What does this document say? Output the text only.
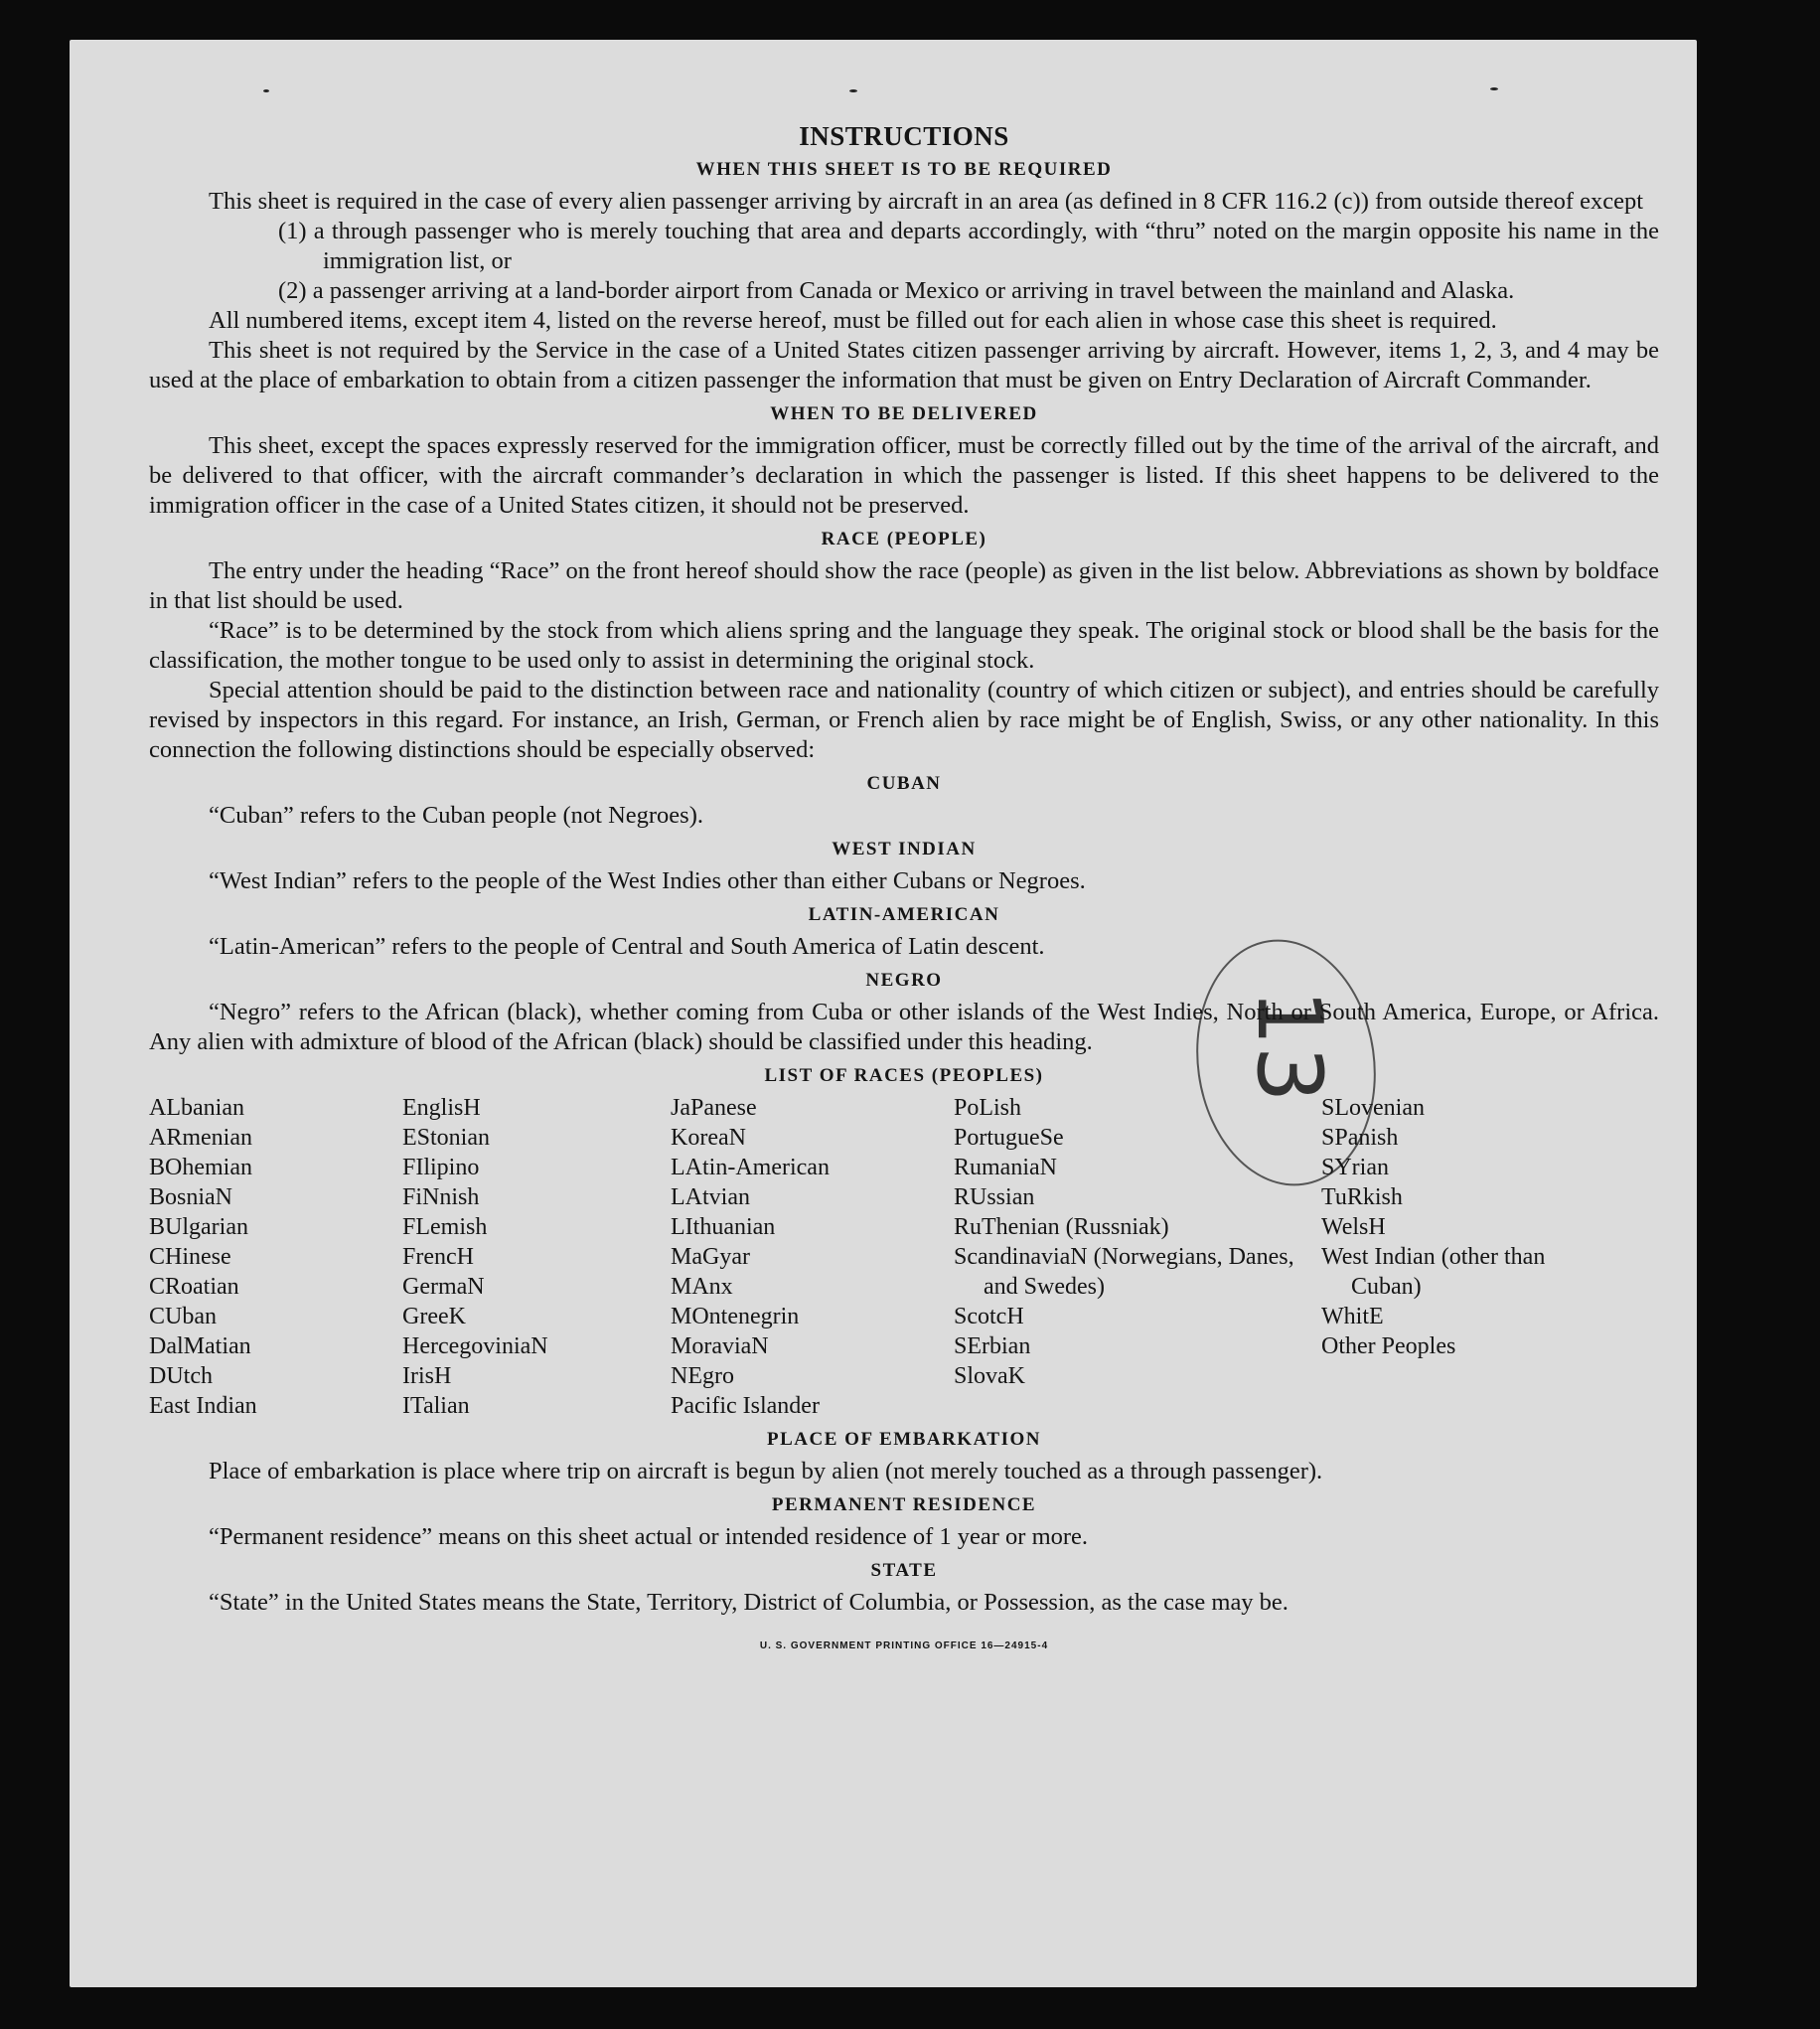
13
INSTRUCTIONS
WHEN THIS SHEET IS TO BE REQUIRED

This sheet is required in the case of every alien passenger arriving by aircraft in an area (as defined in 8 CFR 116.2 (c)) from outside thereof except

(1) a through passenger who is merely touching that area and departs accordingly, with “thru” noted on the margin opposite his name in the immigration list, or

(2) a passenger arriving at a land-border airport from Canada or Mexico or arriving in travel between the mainland and Alaska.

All numbered items, except item 4, listed on the reverse hereof, must be filled out for each alien in whose case this sheet is required.

This sheet is not required by the Service in the case of a United States citizen passenger arriving by aircraft. However, items 1, 2, 3, and 4 may be used at the place of embarkation to obtain from a citizen passenger the information that must be given on Entry Declaration of Aircraft Commander.

WHEN TO BE DELIVERED

This sheet, except the spaces expressly reserved for the immigration officer, must be correctly filled out by the time of the arrival of the aircraft, and be delivered to that officer, with the aircraft commander’s declaration in which the passenger is listed. If this sheet happens to be delivered to the immigration officer in the case of a United States citizen, it should not be preserved.

RACE (PEOPLE)

The entry under the heading “Race” on the front hereof should show the race (people) as given in the list below. Abbreviations as shown by boldface in that list should be used.

“Race” is to be determined by the stock from which aliens spring and the language they speak. The original stock or blood shall be the basis for the classification, the mother tongue to be used only to assist in determining the original stock.

Special attention should be paid to the distinction between race and nationality (country of which citizen or subject), and entries should be carefully revised by inspectors in this regard. For instance, an Irish, German, or French alien by race might be of English, Swiss, or any other nationality. In this connection the following distinctions should be especially observed:

CUBAN

“Cuban” refers to the Cuban people (not Negroes).

WEST INDIAN

“West Indian” refers to the people of the West Indies other than either Cubans or Negroes.

LATIN-AMERICAN

“Latin-American” refers to the people of Central and South America of Latin descent.

NEGRO

“Negro” refers to the African (black), whether coming from Cuba or other islands of the West Indies, North or South America, Europe, or Africa. Any alien with admixture of blood of the African (black) should be classified under this heading.

LIST OF RACES (PEOPLES)
ALbanian
ARmenian
BOhemian
BosniaN
BUlgarian
CHinese
CRoatian
CUban
DalMatian
DUtch
East Indian
EnglisH
EStonian
FIlipino
FiNnish
FLemish
FrencH
GermaN
GreeK
HercegoviniaN
IrisH
ITalian
JaPanese
KoreaN
LAtin-American
LAtvian
LIthuanian
MaGyar
MAnx
MOntenegrin
MoraviaN
NEgro
Pacific Islander
PoLish
PortugueSe
RumaniaN
RUssian
RuThenian (Russniak)
ScandinaviaN (Norwegians, Danes, and Swedes)
ScotcH
SErbian
SlovaK
SLovenian
SPanish
SYrian
TuRkish
WelsH
West Indian (other than Cuban)
WhitE
Other Peoples
PLACE OF EMBARKATION

Place of embarkation is place where trip on aircraft is begun by alien (not merely touched as a through passenger).

PERMANENT RESIDENCE

“Permanent residence” means on this sheet actual or intended residence of 1 year or more.

STATE

“State” in the United States means the State, Territory, District of Columbia, or Possession, as the case may be.

U. S. GOVERNMENT PRINTING OFFICE 16—24915-4
